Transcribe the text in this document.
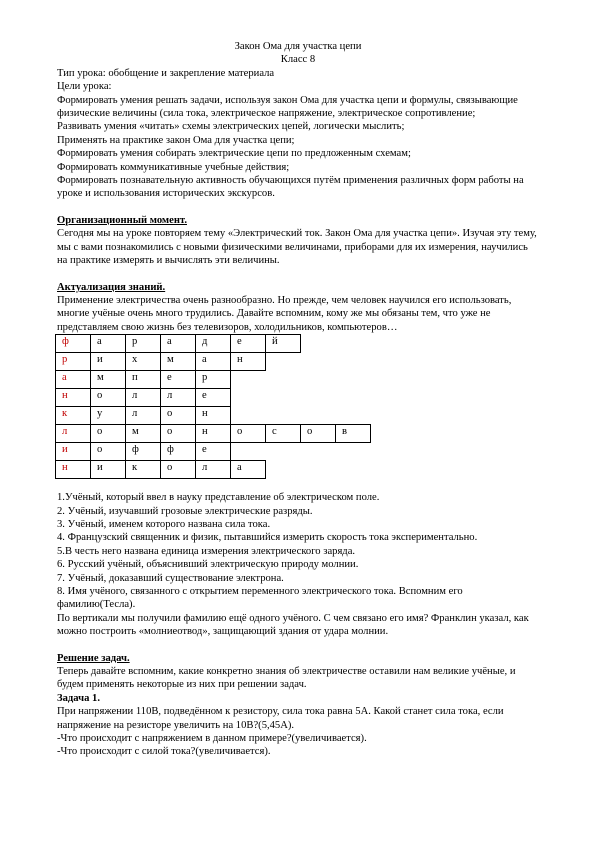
Закон Ома для участка цепи

Класс 8

Тип урока: обобщение и закрепление материала

Цели урока:

Формировать умения решать задачи, используя закон Ома для участка цепи и формулы, связывающие физические величины (сила тока, электрическое напряжение, электрическое сопротивление;

Развивать умения «читать» схемы электрических цепей, логически мыслить;

Применять на практике закон Ома для участка цепи;

Формировать умения собирать электрические цепи по предложенным схемам;

Формировать коммуникативные учебные действия;

Формировать познавательную активность обучающихся путём применения различных форм работы на уроке и использования исторических экскурсов.

Организационный момент.

Сегодня мы на уроке повторяем тему «Электрический ток. Закон Ома для участка цепи». Изучая эту тему, мы с вами познакомились с новыми физическими величинами, приборами для их измерения, научились на практике измерять и вычислять эти величины.

Актуализация знаний.

Применение электричества очень разнообразно. Но прежде, чем человек научился его использовать, многие учёные очень много трудились. Давайте вспомним, кому же мы обязаны тем, что уже не представляем свою жизнь без телевизоров, холодильников, компьютеров…

ф	а	р	а	д	е	й		
р	и	х	м	а	н			
а	м	п	е	р				
н	о	л	л	е				
к	у	л	о	н				
л	о	м	о	н	о	с	о	в
и	о	ф	ф	е				
н	и	к	о	л	а			

1.Учёный, который ввел в науку представление об электрическом поле.

2. Учёный, изучавший грозовые электрические разряды.

3. Учёный, именем которого названа сила тока.

4. Французский священник и физик, пытавшийся измерить скорость тока экспериментально.

5.В честь него названа единица измерения электрического заряда.

6. Русский учёный, объяснивший электрическую природу молнии.

7. Учёный, доказавший существование электрона.

8. Имя учёного, связанного с открытием переменного электрического тока. Вспомним его фамилию(Тесла).

По вертикали мы получили фамилию ещё одного учёного. С чем связано его имя? Франклин указал, как можно построить «молниеотвод», защищающий здания от удара молнии.

Решение задач.

Теперь давайте вспомним, какие конкретно знания об электричестве оставили нам великие учёные, и будем применять некоторые из них при решении задач.

Задача 1.

При напряжении 110В, подведённом к резистору, сила тока равна 5А. Какой станет сила тока, если напряжение на резисторе увеличить на 10В?(5,45А).

-Что происходит с напряжением в данном примере?(увеличивается).

-Что происходит с силой тока?(увеличивается).
